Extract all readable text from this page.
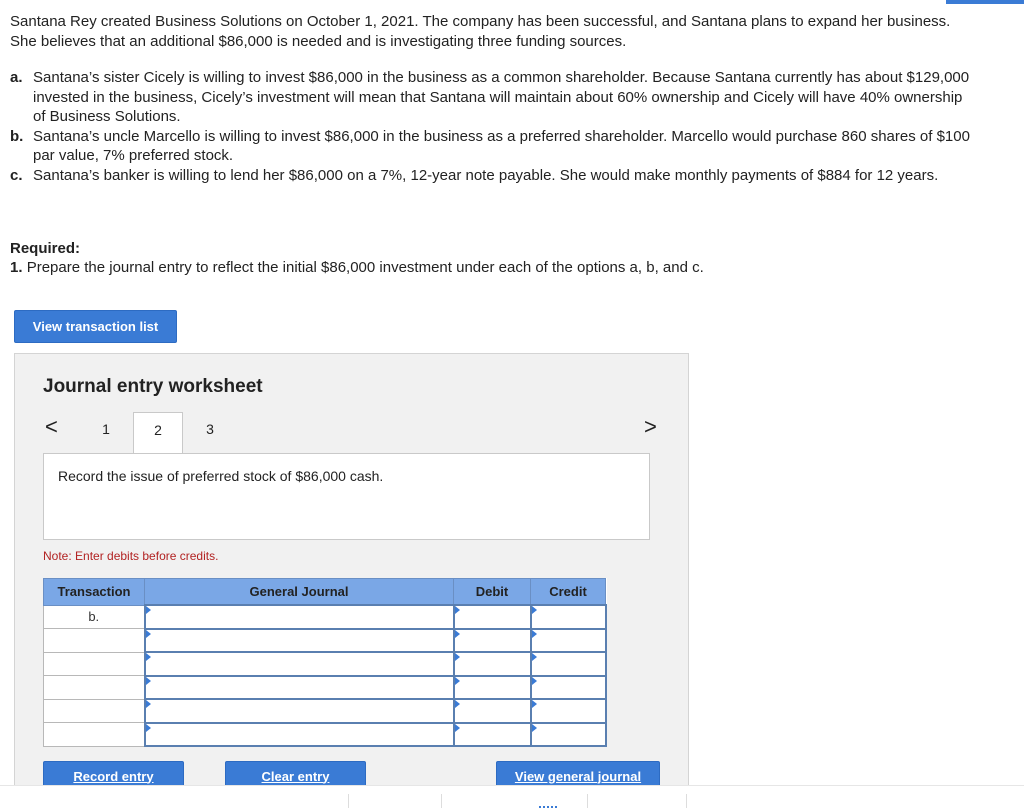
Santana Rey created Business Solutions on October 1, 2021. The company has been successful, and Santana plans to expand her business. She believes that an additional $86,000 is needed and is investigating three funding sources.

a. Santana’s sister Cicely is willing to invest $86,000 in the business as a common shareholder. Because Santana currently has about $129,000 invested in the business, Cicely’s investment will mean that Santana will maintain about 60% ownership and Cicely will have 40% ownership of Business Solutions.
b. Santana’s uncle Marcello is willing to invest $86,000 in the business as a preferred shareholder. Marcello would purchase 860 shares of $100 par value, 7% preferred stock.
c. Santana’s banker is willing to lend her $86,000 on a 7%, 12-year note payable. She would make monthly payments of $884 for 12 years.

Required:

1. Prepare the journal entry to reflect the initial $86,000 investment under each of the options a, b, and c.

View transaction list
Journal entry worksheet
<	1	2	3	>

Record the issue of preferred stock of $86,000 cash.

Note: Enter debits before credits.

Transaction	General Journal	Debit	Credit
b.	

Record entry	Clear entry	View general journal
